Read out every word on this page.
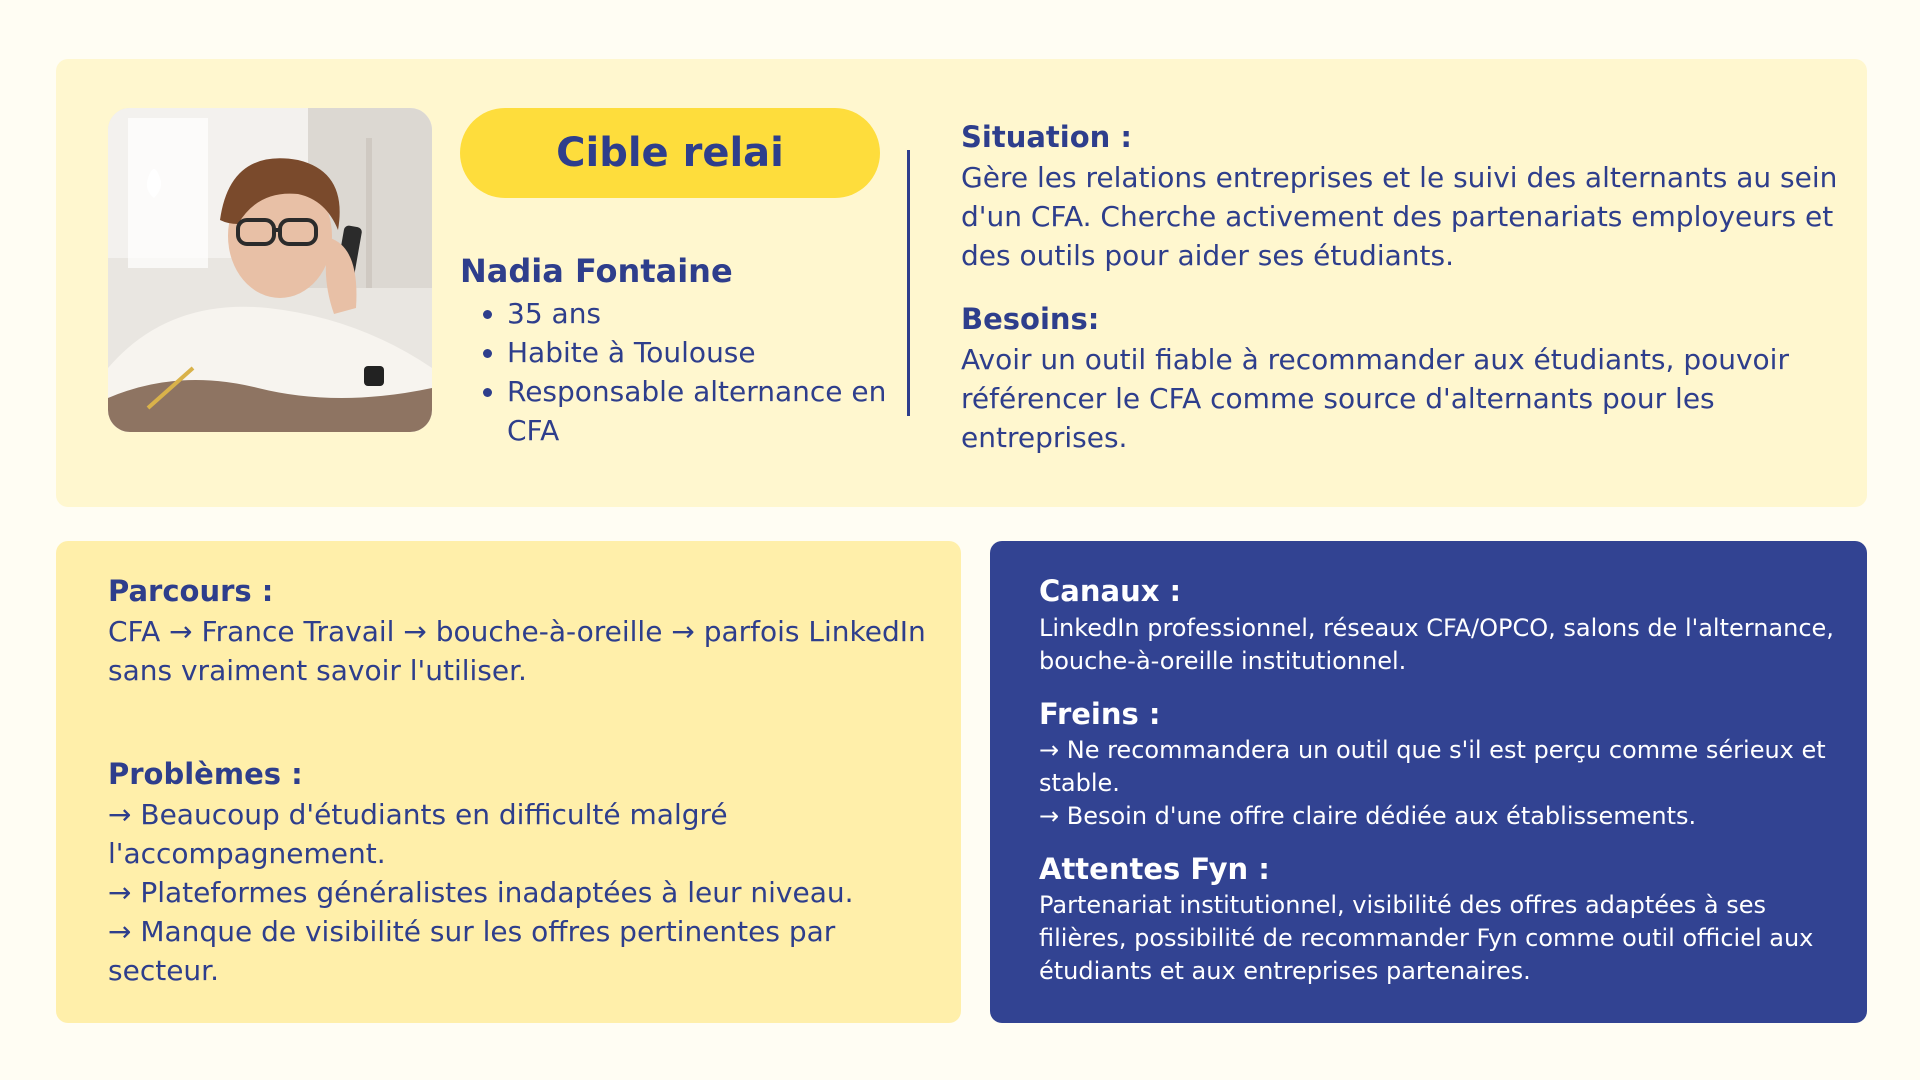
Cible relai
Nadia Fontaine
35 ans
Habite à Toulouse
Responsable alternance en CFA
Situation :

Gère les relations entreprises et le suivi des alternants au sein d'un CFA. Cherche activement des partenariats employeurs et des outils pour aider ses étudiants.

Besoins:

Avoir un outil fiable à recommander aux étudiants, pouvoir référencer le CFA comme source d'alternants pour les entreprises.

Parcours :

CFA → France Travail → bouche-à-oreille → parfois LinkedIn sans vraiment savoir l'utiliser.

Problèmes :
→ Beaucoup d'étudiants en difficulté malgré l'accompagnement.
→ Plateformes généralistes inadaptées à leur niveau.
→ Manque de visibilité sur les offres pertinentes par secteur.
Canaux :

LinkedIn professionnel, réseaux CFA/OPCO, salons de l'alternance, bouche-à-oreille institutionnel.

Freins :
→ Ne recommandera un outil que s'il est perçu comme sérieux et stable.
→ Besoin d'une offre claire dédiée aux établissements.
Attentes Fyn :

Partenariat institutionnel, visibilité des offres adaptées à ses filières, possibilité de recommander Fyn comme outil officiel aux étudiants et aux entreprises partenaires.
